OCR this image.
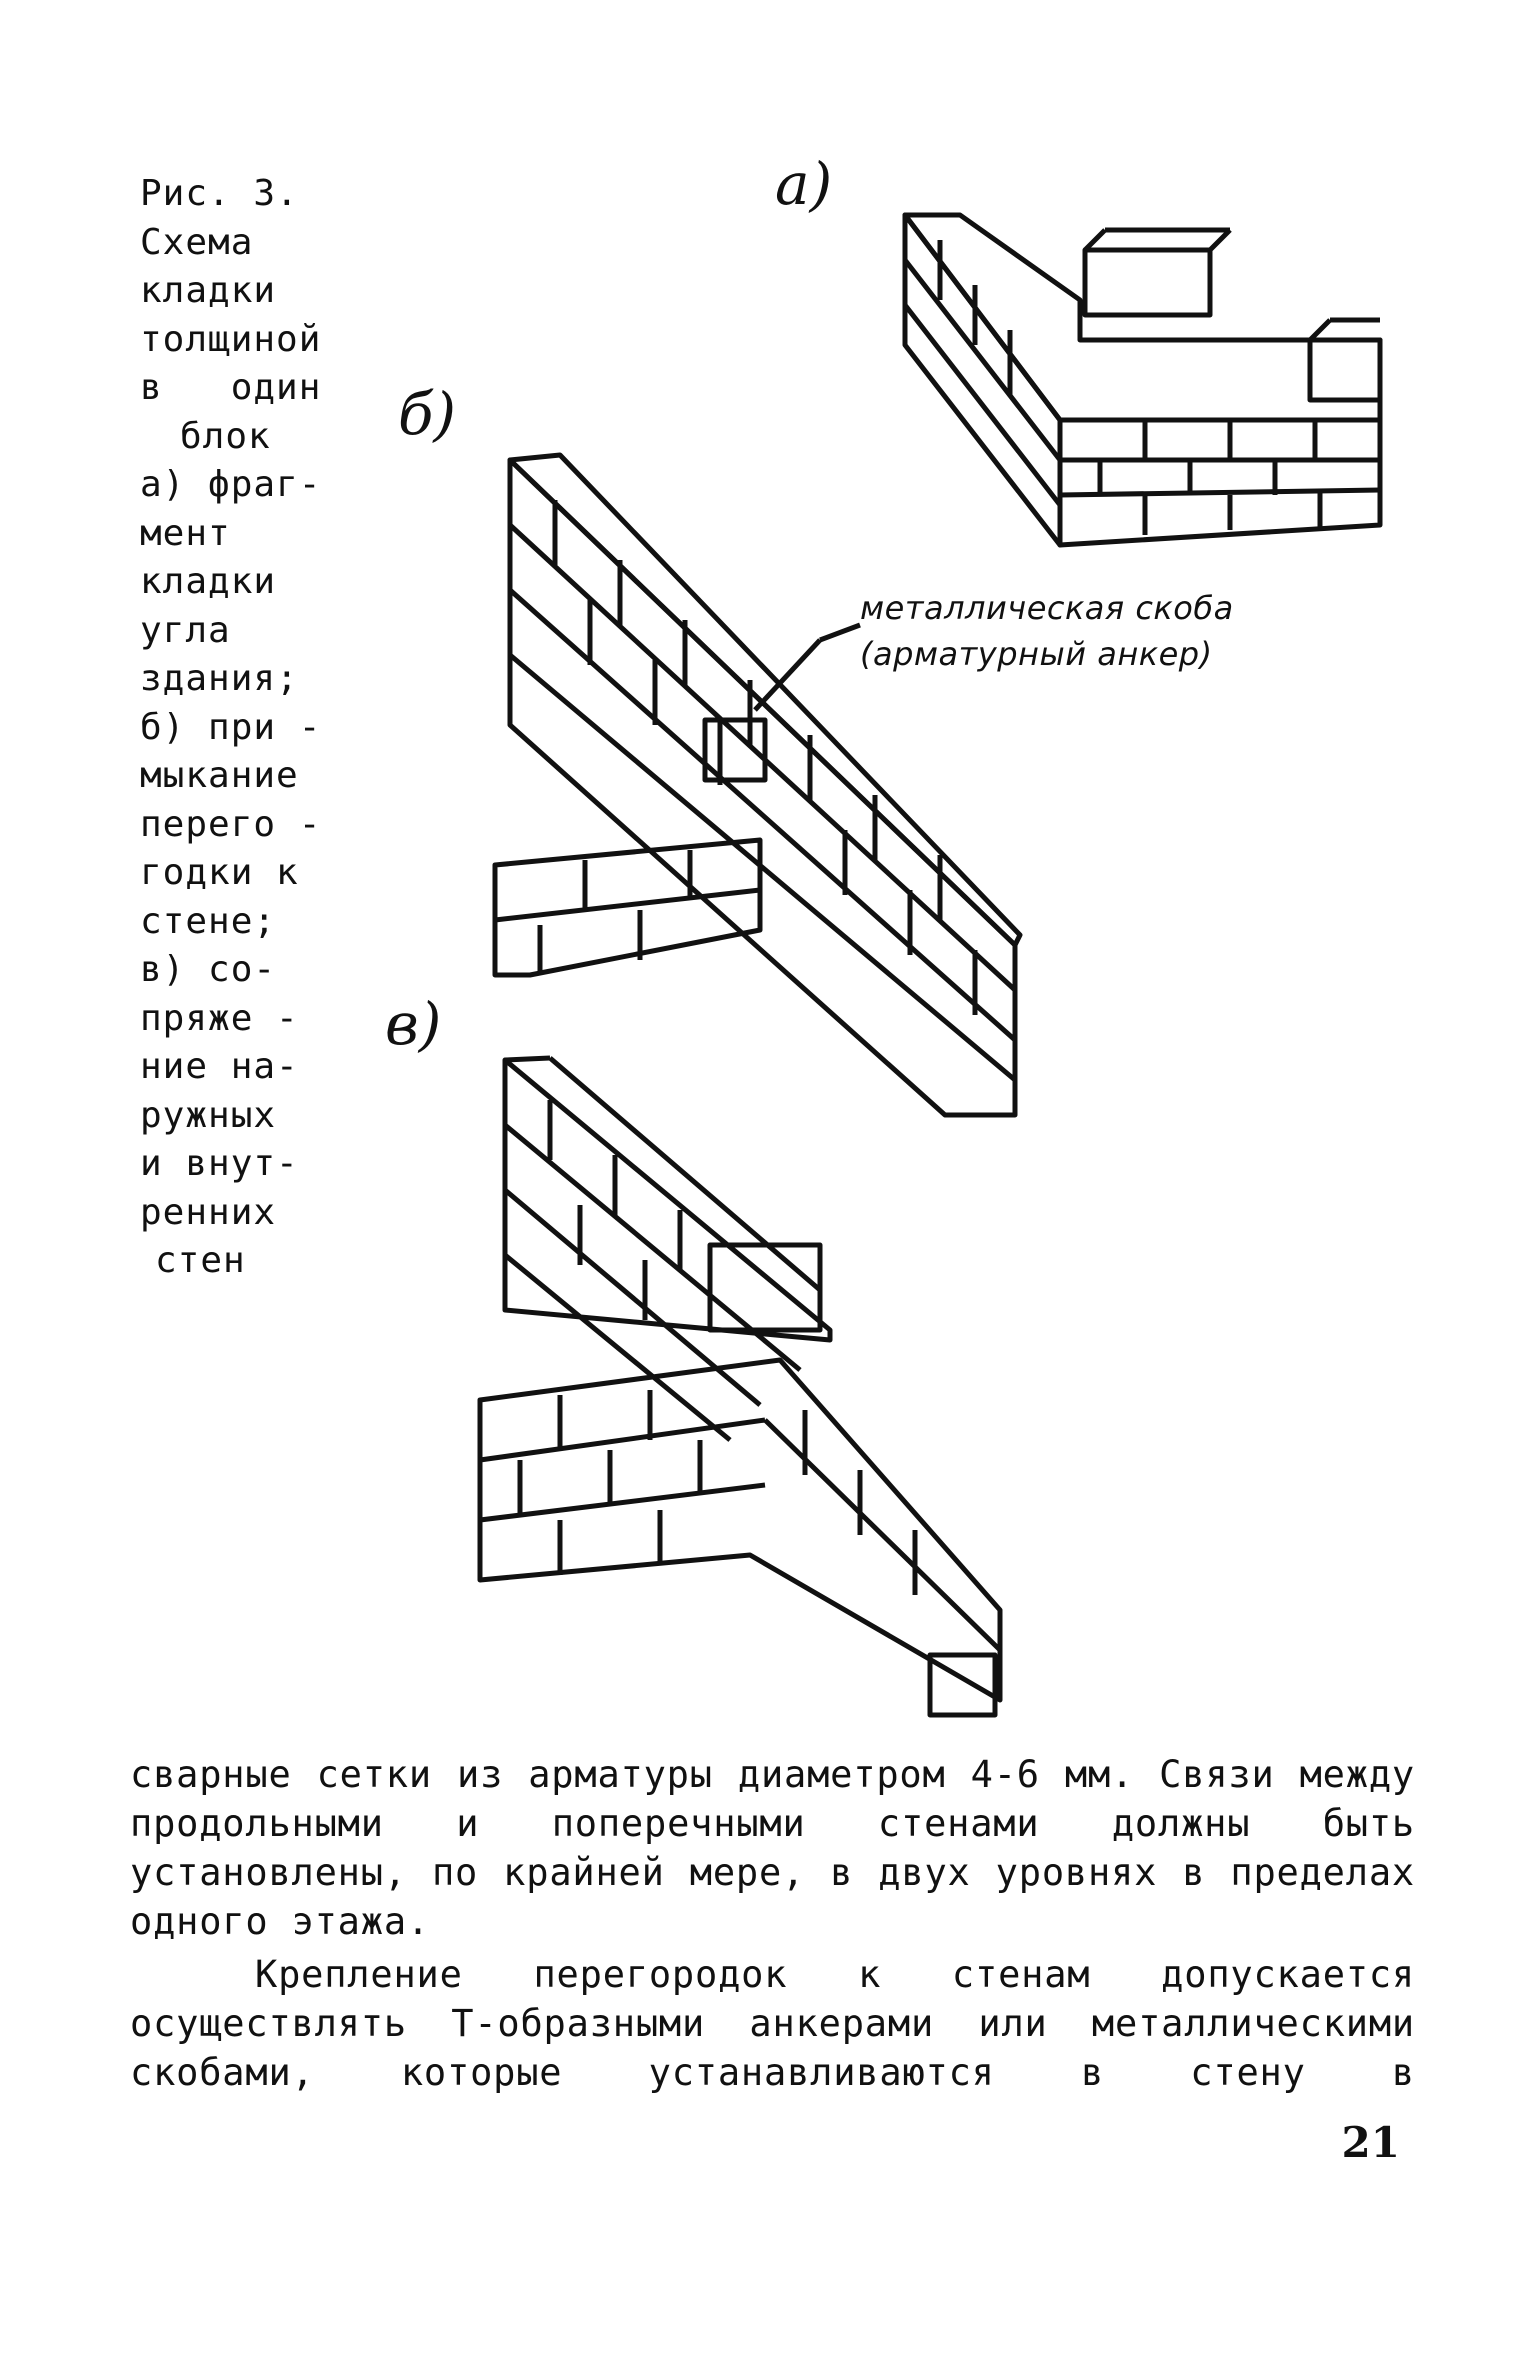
Рис. 3.
Схема
кладки
толщиной
в   один
блок
а) фраг-
мент
кладки
угла
здания;
б) при -
мыкание
перего -
годки к
стене;
в) со-
пряже -
ние на-
ружных
и внут-
ренних
стен
а)
б)
в)
металлическая скоба
(арматурный анкер)
сварные сетки из арматуры диаметром 4-6 мм. Связи между продольными и поперечными стенами должны быть установлены, по крайней мере, в двух уровнях в пределах одного этажа.
Крепление перегородок к стенам допускается осуществлять Т-образными анкерами или металлическими скобами, которые устанавливаются в стену в
21
